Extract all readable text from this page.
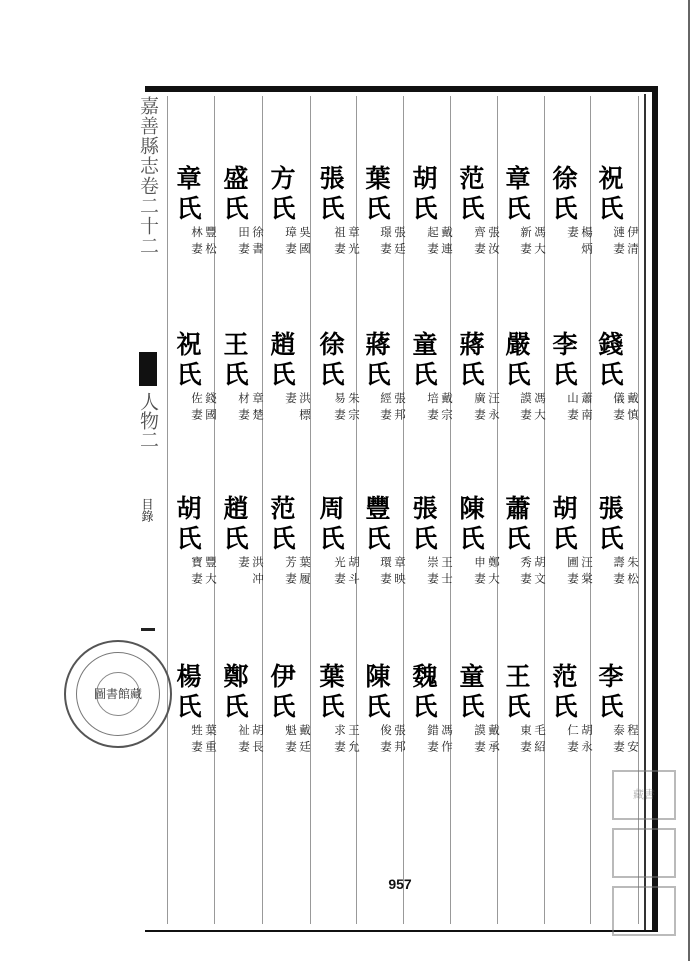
嘉善縣志卷二十二
人物二
目錄
祝
氏
伊清
漣妻
錢
氏
戴慎
儀妻
張
氏
朱松
壽妻
李
氏
程安
泰妻
徐
氏
楊炳
妻
李
氏
蕭南
山妻
胡
氏
汪棠
圃妻
范
氏
胡永
仁妻
章
氏
馮大
新妻
嚴
氏
馮大
謨妻
蕭
氏
胡文
秀妻
王
氏
毛紹
東妻
范
氏
張汝
齊妻
蔣
氏
汪永
廣妻
陳
氏
鄭大
申妻
童
氏
戴承
謨妻
胡
氏
戴連
起妻
童
氏
戴宗
培妻
張
氏
王士
崇妻
魏
氏
馮作
錯妻
葉
氏
張廷
璟妻
蔣
氏
張邦
經妻
豐
氏
章映
環妻
陳
氏
張邦
俊妻
張
氏
章光
祖妻
徐
氏
朱宗
易妻
周
氏
胡斗
光妻
葉
氏
王允
求妻
方
氏
吳國
璋妻
趙
氏
洪標
妻
范
氏
葉履
芳妻
伊
氏
戴廷
魁妻
盛
氏
徐書
田妻
王
氏
章楚
材妻
趙
氏
洪冲
妻
鄭
氏
胡長
祉妻
章
氏
豐松
林妻
祝
氏
錢國
佐妻
胡
氏
豐大
寶妻
楊
氏
葉重
甡妻
圖書館藏
藏書
957
